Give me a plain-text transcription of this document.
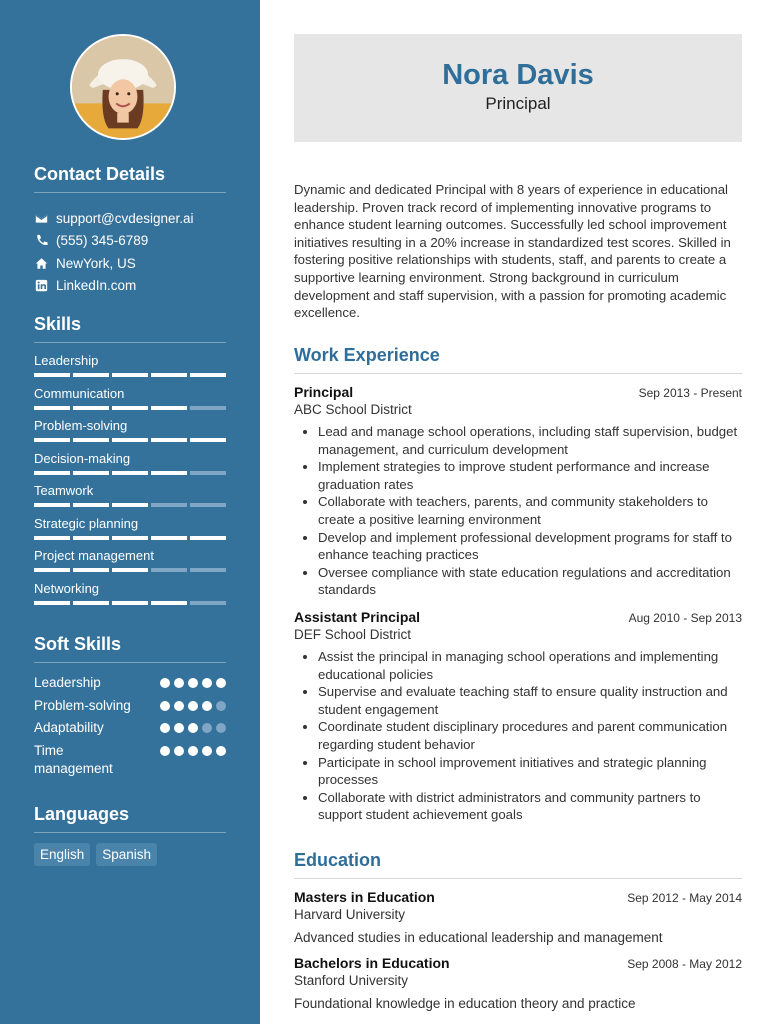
Contact Details
support@cvdesigner.ai
(555) 345-6789
NewYork, US
LinkedIn.com
Skills
Leadership
Communication
Problem-solving
Decision-making
Teamwork
Strategic planning
Project management
Networking
Soft Skills
Leadership
Problem-solving
Adaptability
Time management
Languages
English	Spanish
Nora Davis
Principal
Dynamic and dedicated Principal with 8 years of experience in educational leadership. Proven track record of implementing innovative programs to enhance student learning outcomes. Successfully led school improvement initiatives resulting in a 20% increase in standardized test scores. Skilled in fostering positive relationships with students, staff, and parents to create a supportive learning environment. Strong background in curriculum development and staff supervision, with a passion for promoting academic excellence.
Work Experience
Principal	Sep 2013 - Present
ABC School District
• Lead and manage school operations, including staff supervision, budget management, and curriculum development
• Implement strategies to improve student performance and increase graduation rates
• Collaborate with teachers, parents, and community stakeholders to create a positive learning environment
• Develop and implement professional development programs for staff to enhance teaching practices
• Oversee compliance with state education regulations and accreditation standards
Assistant Principal	Aug 2010 - Sep 2013
DEF School District
• Assist the principal in managing school operations and implementing educational policies
• Supervise and evaluate teaching staff to ensure quality instruction and student engagement
• Coordinate student disciplinary procedures and parent communication regarding student behavior
• Participate in school improvement initiatives and strategic planning processes
• Collaborate with district administrators and community partners to support student achievement goals
Education
Masters in Education	Sep 2012 - May 2014
Harvard University
Advanced studies in educational leadership and management
Bachelors in Education	Sep 2008 - May 2012
Stanford University
Foundational knowledge in education theory and practice
